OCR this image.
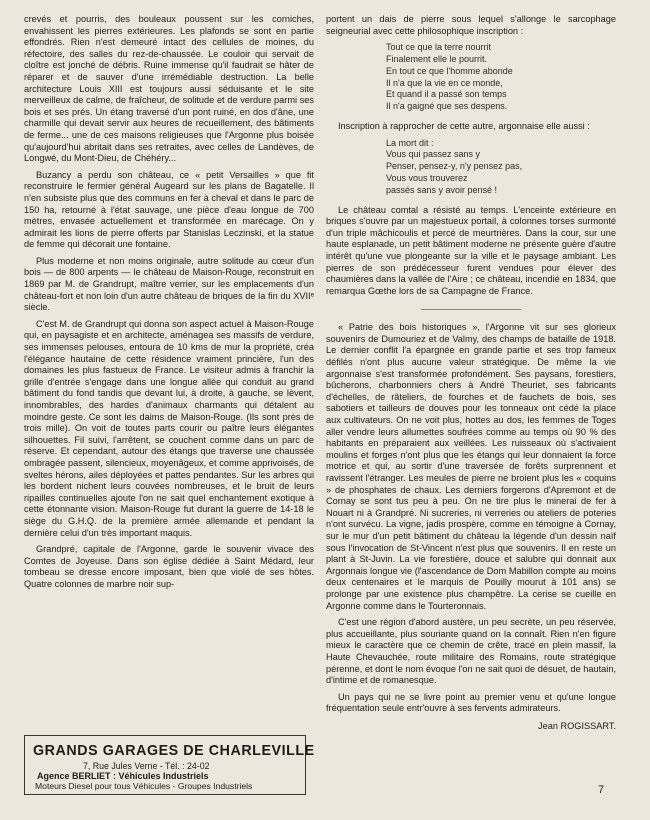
crevés et pourris, des bouleaux poussent sur les corniches, envahissent les pierres extérieures. Les plafonds se sont en partie effondrés. Rien n'est demeuré intact des cellules de moines, du réfectoire, des salles du rez-de-chaussée. Le couloir qui servait de cloître est jonché de débris. Ruine immense qu'il faudrait se hâter de réparer et de sauver d'une irrémédiable destruction. La belle architecture Louis XIII est toujours aussi séduisante et le site merveilleux de calme, de fraîcheur, de solitude et de verdure parmi ses bois et ses prés. Un étang traversé d'un pont ruiné, en dos d'âne, une charmille qui devait servir aux heures de recueillement, des bâtiments de ferme... une de ces maisons religieuses que l'Argonne plus boisée qu'aujourd'hui abritait dans ses retraites, avec celles de Landèves, de Longwé, du Mont-Dieu, de Chéhéry...

Buzancy a perdu son château, ce « petit Versailles » que fit reconstruire le fermier général Augeard sur les plans de Bagatelle. Il n'en subsiste plus que des communs en fer à cheval et dans le parc de 150 ha, retourné à l'état sauvage, une pièce d'eau longue de 700 mètres, envasée actuellement et transformée en marécage. On y admirait les lions de pierre offerts par Stanislas Leczinski, et la statue de femme qui décorait une fontaine.

Plus moderne et non moins originale, autre solitude au cœur d'un bois — de 800 arpents — le château de Maison-Rouge, reconstruit en 1869 par M. de Grandrupt, maître verrier, sur les emplacements d'un château-fort et non loin d'un autre château de briques de la fin du XVIIᵉ siècle.

C'est M. de Grandrupt qui donna son aspect actuel à Maison-Rouge qui, en paysagiste et en architecte, aménagea ses massifs de verdure, ses immenses pelouses, entoura de 10 kms de mur la propriété, créa l'élégance hautaine de cette résidence vraiment princière, l'un des domaines les plus fastueux de France. Le visiteur admis à franchir la grille d'entrée s'engage dans une longue allée qui conduit au grand bâtiment du fond tandis que devant lui, à droite, à gauche, se lèvent, innombrables, des hardes d'animaux charmants qui détalent au moindre geste. Ce sont les daims de Maison-Rouge. (Ils sont près de trois mille). On voit de toutes parts courir ou paître leurs élégantes silhouettes. Fil suivi, l'arrêtent, se couchent comme dans un parc de réserve. Et cependant, autour des étangs que traverse une chaussée ombragée passent, silencieux, moyenâgeux, et comme apprivoisés, de sveltes hérons, ailes déployées et pattes pendantes. Sur les arbres qui les bordent nichent leurs couvées nombreuses, et le bruit de leurs ripailles continuelles ajoute l'on ne sait quel enchantement exotique à cette étonnante vision. Maison-Rouge fut durant la guerre de 14-18 le siège du G.H.Q. de la première armée allemande et pendant la dernière celui d'un très important maquis.

Grandpré, capitale de l'Argonne, garde le souvenir vivace des Comtes de Joyeuse. Dans son église dédiée à Saint Médard, leur tombeau se dresse encore imposant, bien que violé de ses hôtes. Quatre colonnes de marbre noir sup-

GRANDS GARAGES DE CHARLEVILLE
7, Rue Jules Verne - Tél. : 24-02
Agence BERLIET : Véhicules Industriels
Moteurs Diesel pour tous Véhicules - Groupes Industriels

portent un dais de pierre sous lequel s'allonge le sarcophage seigneurial avec cette philosophique inscription :

Tout ce que la terre nourrit
Finalement elle le pourrit.
En tout ce que l'homme abonde
Il n'a que la vie en ce monde,
Et quand il a passé son temps
Il n'a gaigné que ses despens.

Inscription à rapprocher de cette autre, argonnaise elle aussi :

La mort dit :
Vous qui passez sans y
Penser, pensez-y, n'y pensez pas,
Vous vous trouverez
passés sans y avoir pensé !

Le château comtal a résisté au temps. L'enceinte extérieure en briques s'ouvre par un majestueux portail, à colonnes torses surmonté d'un triple mâchicoulis et percé de meurtrières. Dans la cour, sur une haute esplanade, un petit bâtiment moderne ne présente guère d'autre intérêt qu'une vue plongeante sur la ville et le paysage ambiant. Les pierres de son prédécesseur furent vendues pour élever des chaumières dans la vallée de l'Aire ; ce château, incendié en 1834, que remarqua Gœthe lors de sa Campagne de France.

« Patrie des bois historiques », l'Argonne vit sur ses glorieux souvenirs de Dumouriez et de Valmy, des champs de bataille de 1918. Le dernier conflit l'a épargnée en grande partie et ses trop fameux défilés n'ont plus aucune valeur stratégique. De même la vie argonnaise s'est transformée profondément. Ses paysans, forestiers, bûcherons, charbonniers chers à André Theuriet, ses fabricants d'échelles, de râteliers, de fourches et de fauchets de bois, ses sabotiers et tailleurs de douves pour les tonneaux ont cédé la place aux cultivateurs. On ne voit plus, hottes au dos, les femmes de Toges aller vendre leurs allumettes soufrées comme au temps où 90 % des habitants en préparaient aux veillées. Les ruisseaux où s'activaient moulins et forges n'ont plus que les étangs qui leur donnaient la force motrice et qui, au sortir d'une traversée de forêts surprennent et ravissent l'étranger. Les meules de pierre ne broient plus les « coquins » de phosphates de chaux. Les derniers forgerons d'Apremont et de Cornay se sont tus peu à peu. On ne tire plus le minerai de fer à Nouart ni à Grandpré. Ni sucreries, ni verreries ou ateliers de poteries n'ont survécu. La vigne, jadis prospère, comme en témoigne à Cornay, sur le mur d'un petit bâtiment du château la légende d'un dessin naïf sous l'invocation de St-Vincent n'est plus que souvenirs. Il en reste un plant à St-Juvin. La vie forestière, douce et salubre qui donnait aux Argonnais longue vie (l'ascendance de Dom Mabillon compte au moins deux centenaires et le marquis de Pouilly mourut à 101 ans) se prolonge par une existence plus champêtre. La cerise se cueille en Argonne comme dans le Tourteronnais.

C'est une région d'abord austère, un peu secrète, un peu réservée, plus accueillante, plus souriante quand on la connaît. Rien n'en figure mieux le caractère que ce chemin de crête, tracé en plein massif, la Haute Chevauchée, route militaire des Romains, route stratégique pérenne, et dont le nom évoque l'on ne sait quoi de désuet, de hautain, d'intime et de romanesque.

Un pays qui ne se livre point au premier venu et qu'une longue fréquentation seule entr'ouvre à ses fervents admirateurs.

Jean ROGISSART.
7
